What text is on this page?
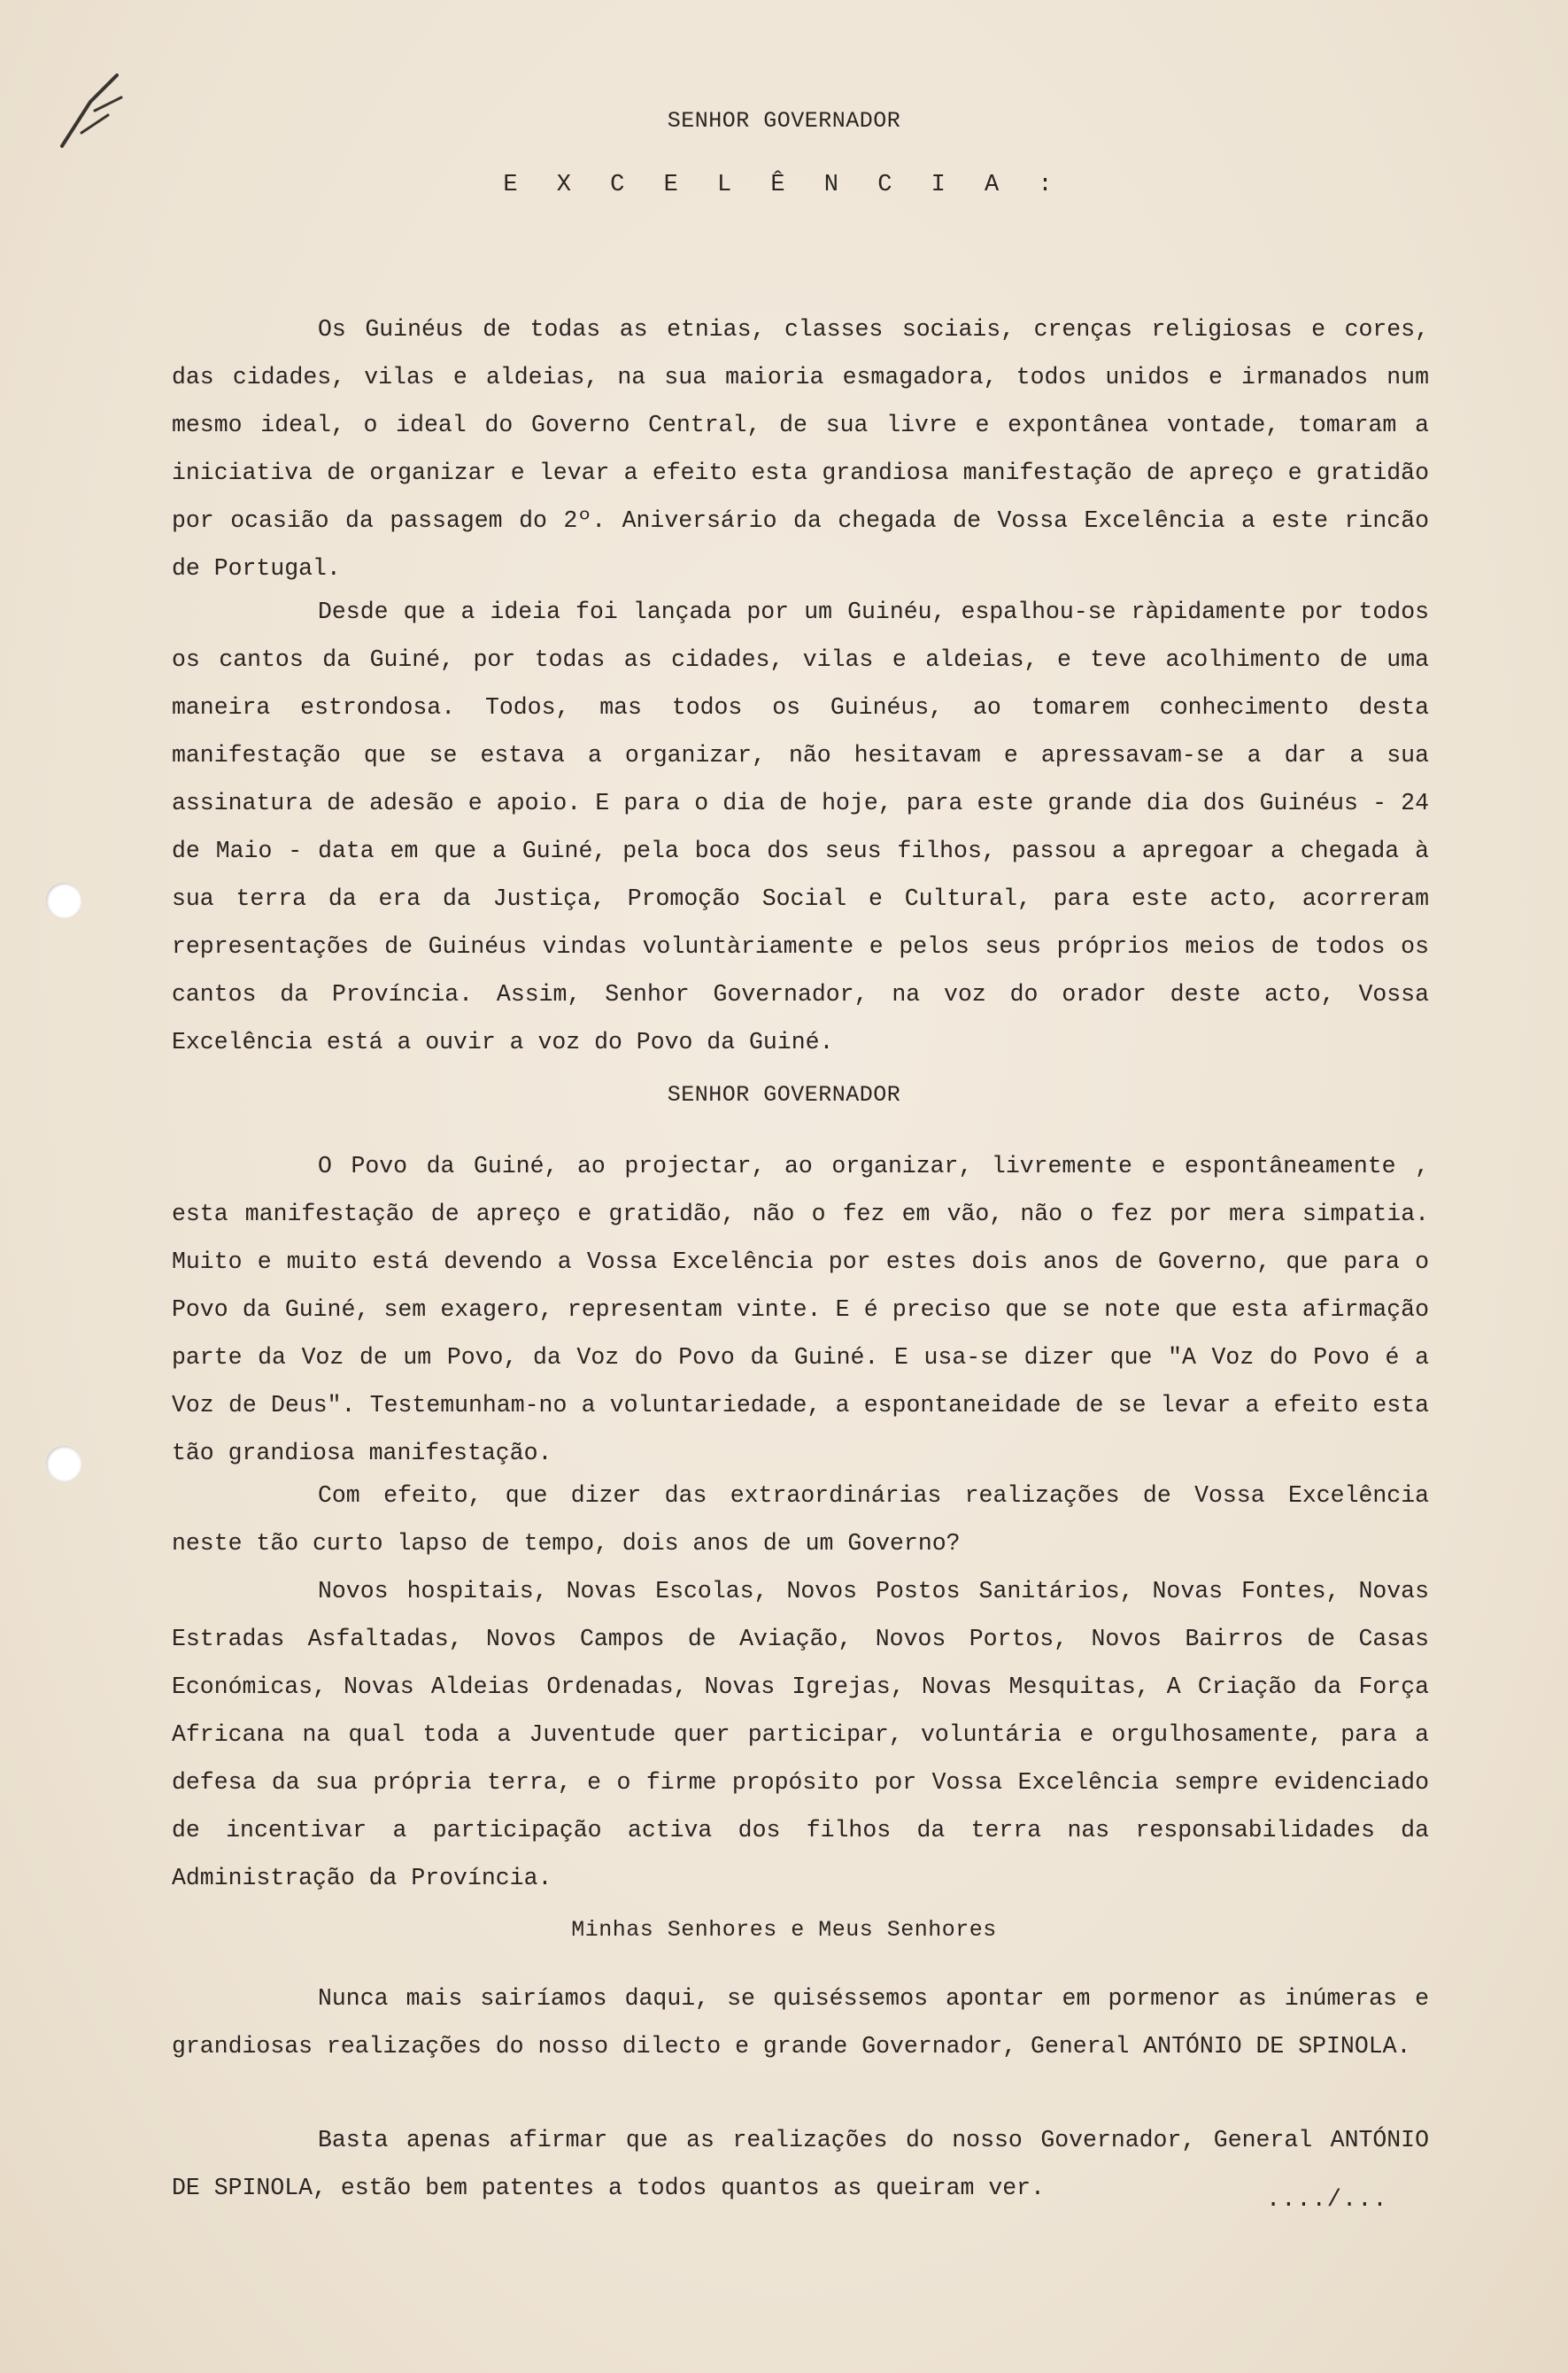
SENHOR GOVERNADOR
E X C E L Ê N C I A :

Os Guinéus de todas as etnias, classes sociais, crenças religiosas e cores, das cidades, vilas e aldeias, na sua maioria esmagadora, todos unidos e irmanados num mesmo ideal, o ideal do Governo Central, de sua livre e expontânea vontade, tomaram a iniciativa de organizar e levar a efeito esta grandiosa manifestação de apreço e gratidão por ocasião da passagem do 2º. Aniversário da chegada de Vossa Excelência a este rincão de Portugal.

Desde que a ideia foi lançada por um Guinéu, espalhou-se ràpidamente por todos os cantos da Guiné, por todas as cidades, vilas e aldeias, e teve acolhimento de uma maneira estrondosa. Todos, mas todos os Guinéus, ao tomarem conhecimento desta manifestação que se estava a organizar, não hesitavam e apressavam-se a dar a sua assinatura de adesão e apoio. E para o dia de hoje, para este grande dia dos Guinéus - 24 de Maio - data em que a Guiné, pela boca dos seus filhos, passou a apregoar a chegada à sua terra da era da Justiça, Promoção Social e Cultural, para este acto, acorreram representações de Guinéus vindas voluntàriamente e pelos seus próprios meios de todos os cantos da Província. Assim, Senhor Governador, na voz do orador deste acto, Vossa Excelência está a ouvir a voz do Povo da Guiné.

SENHOR GOVERNADOR

O Povo da Guiné, ao projectar, ao organizar, livremente e espontâneamente , esta manifestação de apreço e gratidão, não o fez em vão, não o fez por mera simpatia. Muito e muito está devendo a Vossa Excelência por estes dois anos de Governo, que para o Povo da Guiné, sem exagero, representam vinte. E é preciso que se note que esta afirmação parte da Voz de um Povo, da Voz do Povo da Guiné. E usa-se dizer que "A Voz do Povo é a Voz de Deus". Testemunham-no a voluntariedade, a espontaneidade de se levar a efeito esta tão grandiosa manifestação.

Com efeito, que dizer das extraordinárias realizações de Vossa Excelência neste tão curto lapso de tempo, dois anos de um Governo?

Novos hospitais, Novas Escolas, Novos Postos Sanitários, Novas Fontes, Novas Estradas Asfaltadas, Novos Campos de Aviação, Novos Portos, Novos Bairros de Casas Económicas, Novas Aldeias Ordenadas, Novas Igrejas, Novas Mesquitas, A Criação da Força Africana na qual toda a Juventude quer participar, voluntária e orgulhosamente, para a defesa da sua própria terra, e o firme propósito por Vossa Excelência sempre evidenciado de incentivar a participação activa dos filhos da terra nas responsabilidades da Administração da Província.

Minhas Senhores e Meus Senhores

Nunca mais sairíamos daqui, se quiséssemos apontar em pormenor as inúmeras e grandiosas realizações do nosso dilecto e grande Governador, General ANTÓNIO DE SPINOLA.

Basta apenas afirmar que as realizações do nosso Governador, General ANTÓNIO DE SPINOLA, estão bem patentes a todos quantos as queiram ver.	..../...
